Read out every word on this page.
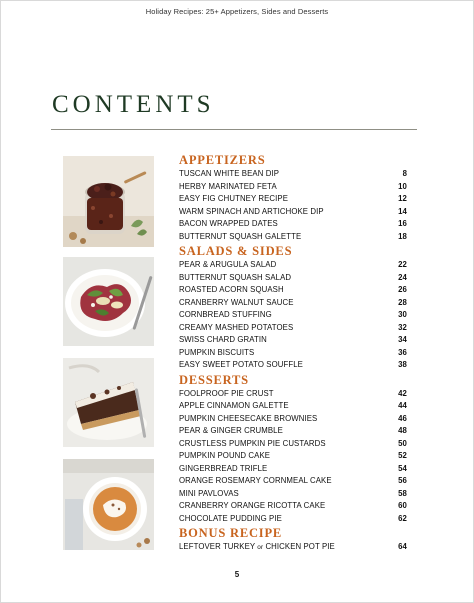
Holiday Recipes: 25+ Appetizers, Sides and Desserts
CONTENTS
APPETIZERS
TUSCAN WHITE BEAN DIP	8
HERBY MARINATED FETA	10
EASY FIG CHUTNEY RECIPE	12
WARM SPINACH AND ARTICHOKE DIP	14
BACON WRAPPED DATES	16
BUTTERNUT SQUASH GALETTE	18
SALADS & SIDES
PEAR & ARUGULA SALAD	22
BUTTERNUT SQUASH SALAD	24
ROASTED ACORN SQUASH	26
CRANBERRY WALNUT SAUCE	28
CORNBREAD STUFFING	30
CREAMY MASHED POTATOES	32
SWISS CHARD GRATIN	34
PUMPKIN BISCUITS	36
EASY SWEET POTATO SOUFFLE	38
DESSERTS
FOOLPROOF PIE CRUST	42
APPLE CINNAMON GALETTE	44
PUMPKIN CHEESECAKE BROWNIES	46
PEAR & GINGER CRUMBLE	48
CRUSTLESS PUMPKIN PIE CUSTARDS	50
PUMPKIN POUND CAKE	52
GINGERBREAD TRIFLE	54
ORANGE ROSEMARY CORNMEAL CAKE	56
MINI PAVLOVAS	58
CRANBERRY ORANGE RICOTTA CAKE	60
CHOCOLATE PUDDING PIE	62
BONUS RECIPE
LEFTOVER TURKEY or CHICKEN POT PIE	64
5
